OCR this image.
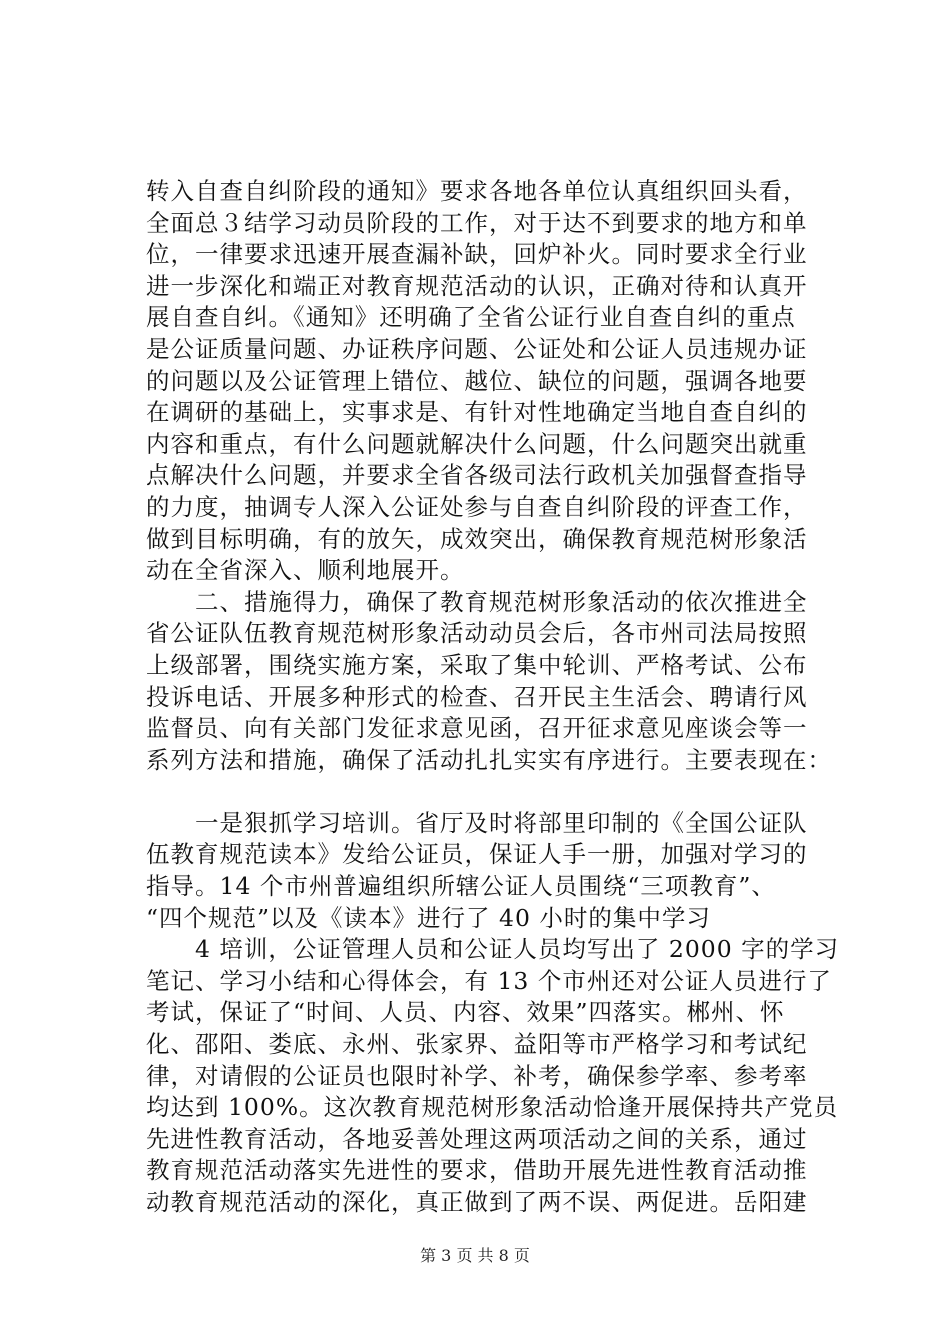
转入自查自纠阶段的通知》要求各地各单位认真组织回头看，
全面总３结学习动员阶段的工作，对于达不到要求的地方和单
位，一律要求迅速开展查漏补缺，回炉补火。同时要求全行业
进一步深化和端正对教育规范活动的认识，正确对待和认真开
展自查自纠。《通知》还明确了全省公证行业自查自纠的重点
是公证质量问题、办证秩序问题、公证处和公证人员违规办证
的问题以及公证管理上错位、越位、缺位的问题，强调各地要
在调研的基础上，实事求是、有针对性地确定当地自查自纠的
内容和重点，有什么问题就解决什么问题，什么问题突出就重
点解决什么问题，并要求全省各级司法行政机关加强督查指导
的力度，抽调专人深入公证处参与自查自纠阶段的评查工作，
做到目标明确，有的放矢，成效突出，确保教育规范树形象活
动在全省深入、顺利地展开。
　　二、措施得力，确保了教育规范树形象活动的依次推进全
省公证队伍教育规范树形象活动动员会后，各市州司法局按照
上级部署，围绕实施方案，采取了集中轮训、严格考试、公布
投诉电话、开展多种形式的检查、召开民主生活会、聘请行风
监督员、向有关部门发征求意见函，召开征求意见座谈会等一
系列方法和措施，确保了活动扎扎实实有序进行。主要表现在：
　　一是狠抓学习培训。省厅及时将部里印制的《全国公证队
伍教育规范读本》发给公证员，保证人手一册，加强对学习的
指导。14 个市州普遍组织所辖公证人员围绕“三项教育”、
“四个规范”以及《读本》进行了 40 小时的集中学习
　　4 培训，公证管理人员和公证人员均写出了 2000 字的学习
笔记、学习小结和心得体会，有 13 个市州还对公证人员进行了
考试，保证了“时间、人员、内容、效果”四落实。郴州、怀
化、邵阳、娄底、永州、张家界、益阳等市严格学习和考试纪
律，对请假的公证员也限时补学、补考，确保参学率、参考率
均达到 100%。这次教育规范树形象活动恰逢开展保持共产党员
先进性教育活动，各地妥善处理这两项活动之间的关系，通过
教育规范活动落实先进性的要求，借助开展先进性教育活动推
动教育规范活动的深化，真正做到了两不误、两促进。岳阳建
第 3 页 共 8 页
